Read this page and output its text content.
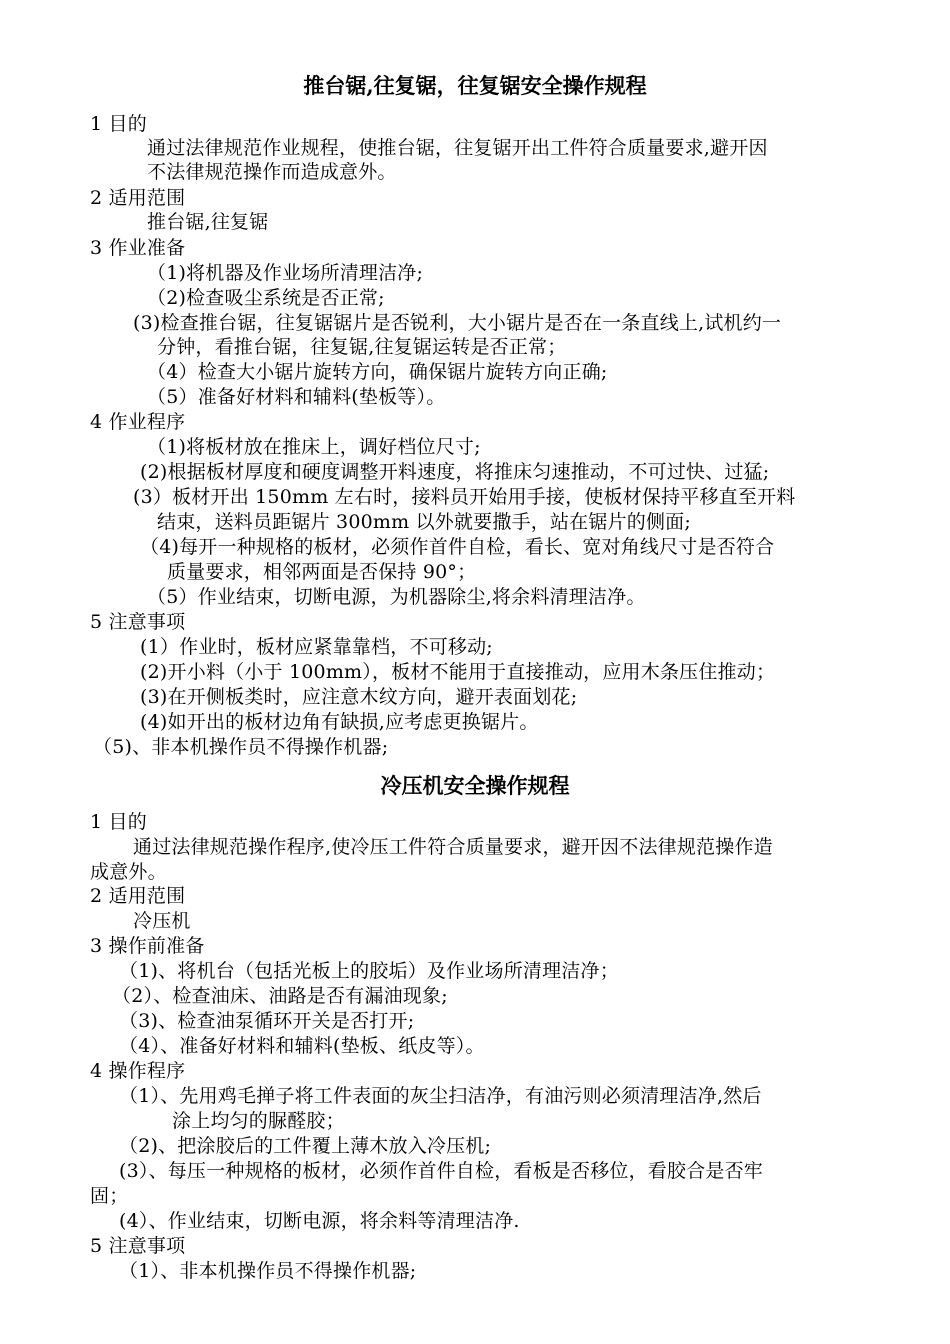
推台锯,往复锯，往复锯安全操作规程
1 目的
通过法律规范作业规程，使推台锯，往复锯开出工件符合质量要求,避开因
不法律规范操作而造成意外。
2 适用范围
推台锯,往复锯
3 作业准备
（1)将机器及作业场所清理洁净;
（2)检查吸尘系统是否正常;
(3)检查推台锯，往复锯锯片是否锐利，大小锯片是否在一条直线上,试机约一
分钟，看推台锯，往复锯,往复锯运转是否正常；
（4）检查大小锯片旋转方向，确保锯片旋转方向正确;
（5）准备好材料和辅料(垫板等）。
4 作业程序
（1)将板材放在推床上，调好档位尺寸;
(2)根据板材厚度和硬度调整开料速度，将推床匀速推动，不可过快、过猛;
(3）板材开出 150mm 左右时，接料员开始用手接，使板材保持平移直至开料
结束，送料员距锯片 300mm 以外就要撒手，站在锯片的侧面;
（4)每开一种规格的板材，必须作首件自检，看长、宽对角线尺寸是否符合
质量要求，相邻两面是否保持 90°；
（5）作业结束，切断电源，为机器除尘,将余料清理洁净。
5 注意事项
(1）作业时，板材应紧靠靠档，不可移动;
(2)开小料（小于 100mm），板材不能用于直接推动，应用木条压住推动；
(3)在开侧板类时，应注意木纹方向，避开表面划花;
(4)如开出的板材边角有缺损,应考虑更换锯片。
（5)、非本机操作员不得操作机器;
冷压机安全操作规程
1 目的
通过法律规范操作程序,使冷压工件符合质量要求，避开因不法律规范操作造
成意外。
2 适用范围
冷压机
3 操作前准备
（1)、将机台（包括光板上的胶垢）及作业场所清理洁净；
（2）、检查油床、油路是否有漏油现象;
（3)、检查油泵循环开关是否打开;
（4）、准备好材料和辅料(垫板、纸皮等）。
4 操作程序
（1）、先用鸡毛掸子将工件表面的灰尘扫洁净，有油污则必须清理洁净,然后
涂上均匀的脲醛胶；
（2)、把涂胶后的工件覆上薄木放入冷压机;
(3）、每压一种规格的板材，必须作首件自检，看板是否移位，看胶合是否牢
固；
(4）、作业结束，切断电源，将余料等清理洁净.
5 注意事项
（1）、非本机操作员不得操作机器;
